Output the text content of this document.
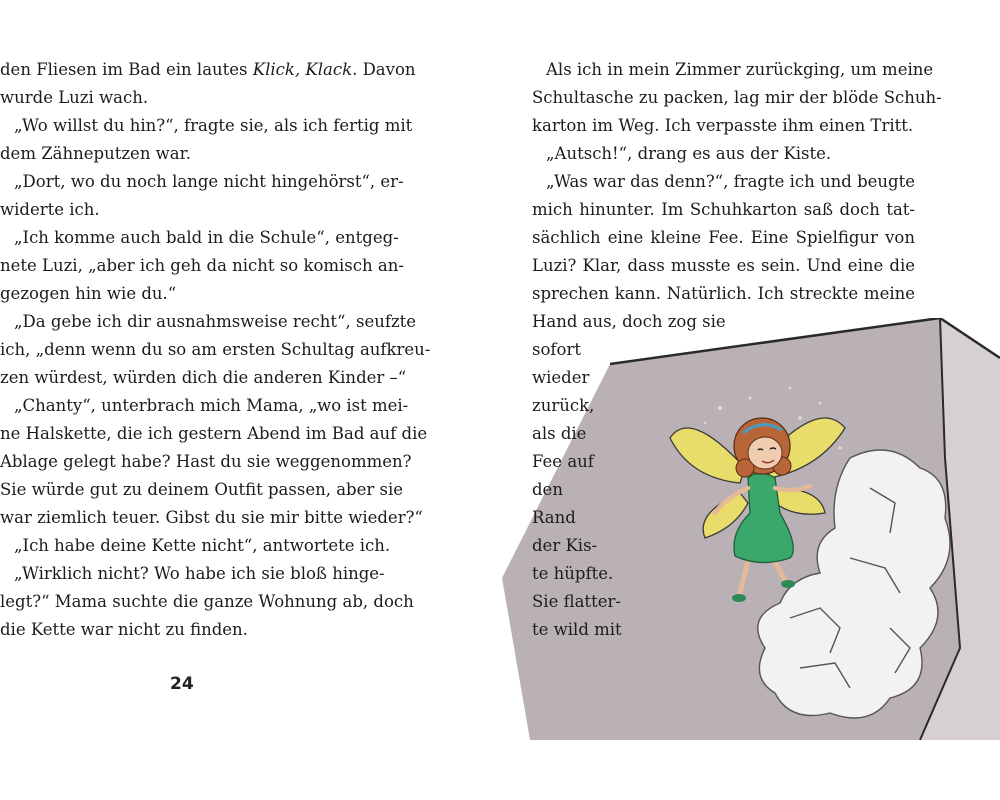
den Fliesen im Bad ein lautes Klick, Klack. Davon
wurde Luzi wach.
„Wo willst du hin?“, fragte sie, als ich fertig mit
dem Zähneputzen war.
„Dort, wo du noch lange nicht hingehörst“, er-
widerte ich.
„Ich komme auch bald in die Schule“, entgeg-
nete Luzi, „aber ich geh da nicht so komisch an-
gezogen hin wie du.“
„Da gebe ich dir ausnahmsweise recht“, seufzte
ich, „denn wenn du so am ersten Schultag aufkreu-
zen würdest, würden dich die anderen Kinder –“
„Chanty“, unterbrach mich Mama, „wo ist mei-
ne Halskette, die ich gestern Abend im Bad auf die
Ablage gelegt habe? Hast du sie weggenommen?
Sie würde gut zu deinem Outfit passen, aber sie
war ziemlich teuer. Gibst du sie mir bitte wieder?“
„Ich habe deine Kette nicht“, antwortete ich.
„Wirklich nicht? Wo habe ich sie bloß hinge-
legt?“ Mama suchte die ganze Wohnung ab, doch
die Kette war nicht zu finden.
24
Als ich in mein Zimmer zurückging, um meine
Schultasche zu packen, lag mir der blöde Schuh-
karton im Weg. Ich verpasste ihm einen Tritt.
„Autsch!“, drang es aus der Kiste.
„Was war das denn?“, fragte ich und beugte
mich hinunter. Im Schuhkarton saß doch tat-
sächlich eine kleine Fee. Eine Spielfigur von
Luzi? Klar, dass musste es sein. Und eine die
sprechen kann. Natürlich. Ich streckte meine
Hand aus, doch zog sie
sofort
wieder
zurück,
als die
Fee auf
den
Rand
der Kis-
te hüpfte.
Sie flatter-
te wild mit
